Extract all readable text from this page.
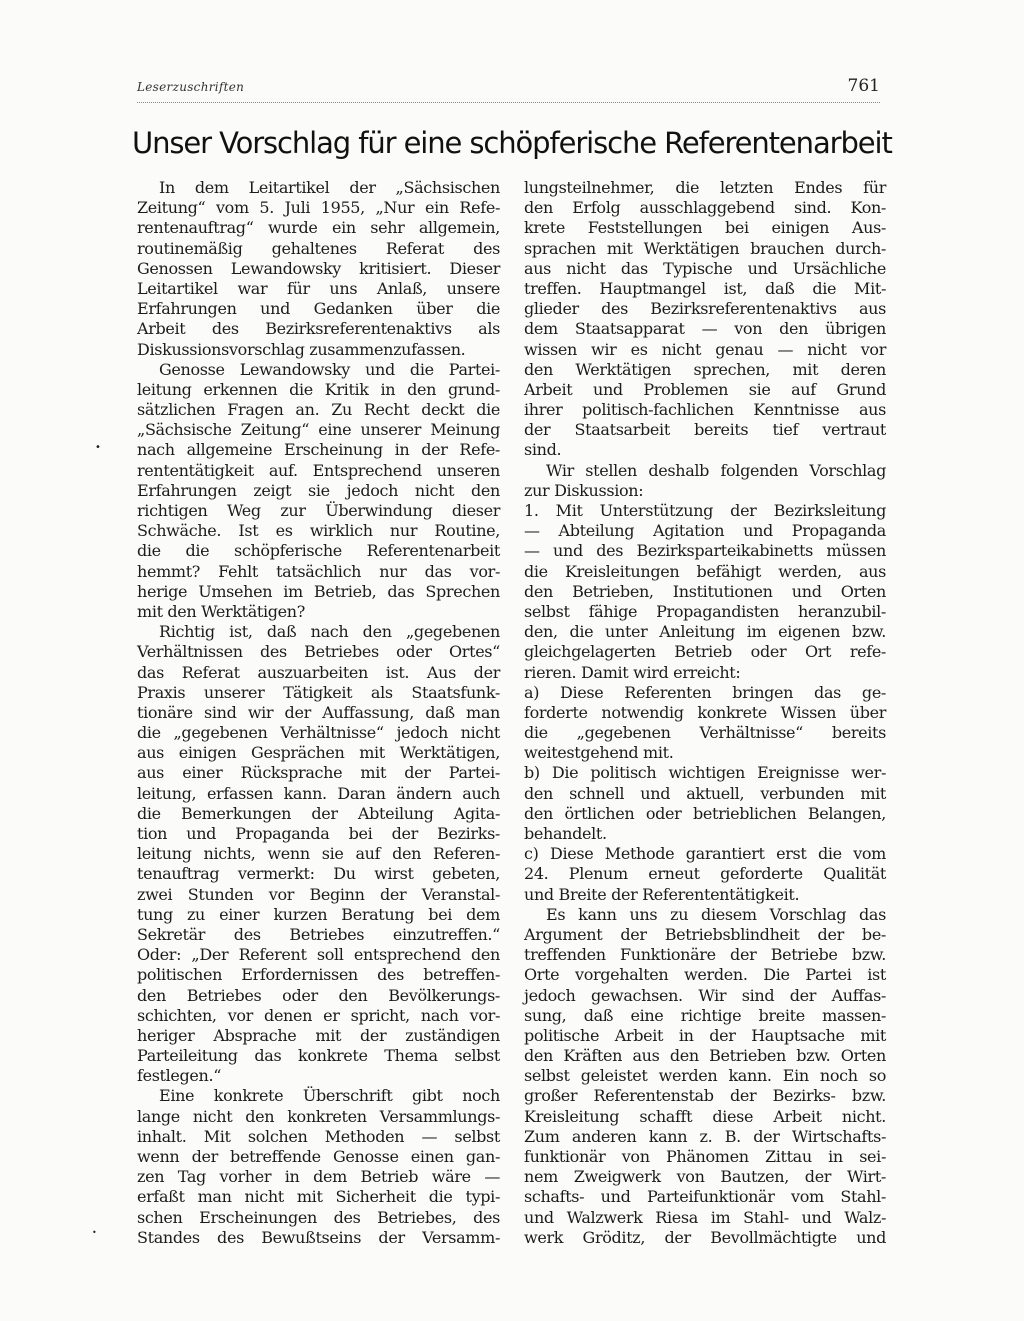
Leserzuschriften	761
Unser Vorschlag für eine schöpferische Referentenarbeit
In dem Leitartikel der „Sächsischen
Zeitung“ vom 5. Juli 1955, „Nur ein Refe-
rentenauftrag“ wurde ein sehr allgemein,
routinemäßig gehaltenes Referat des
Genossen Lewandowsky kritisiert. Dieser
Leitartikel war für uns Anlaß, unsere
Erfahrungen und Gedanken über die
Arbeit des Bezirksreferentenaktivs als
Diskussionsvorschlag zusammenzufassen.
Genosse Lewandowsky und die Partei-
leitung erkennen die Kritik in den grund-
sätzlichen Fragen an. Zu Recht deckt die
„Sächsische Zeitung“ eine unserer Meinung
nach allgemeine Erscheinung in der Refe-
rententätigkeit auf. Entsprechend unseren
Erfahrungen zeigt sie jedoch nicht den
richtigen Weg zur Überwindung dieser
Schwäche. Ist es wirklich nur Routine,
die die schöpferische Referentenarbeit
hemmt? Fehlt tatsächlich nur das vor-
herige Umsehen im Betrieb, das Sprechen
mit den Werktätigen?
Richtig ist, daß nach den „gegebenen
Verhältnissen des Betriebes oder Ortes“
das Referat auszuarbeiten ist. Aus der
Praxis unserer Tätigkeit als Staatsfunk-
tionäre sind wir der Auffassung, daß man
die „gegebenen Verhältnisse“ jedoch nicht
aus einigen Gesprächen mit Werktätigen,
aus einer Rücksprache mit der Partei-
leitung, erfassen kann. Daran ändern auch
die Bemerkungen der Abteilung Agita-
tion und Propaganda bei der Bezirks-
leitung nichts, wenn sie auf den Referen-
tenauftrag vermerkt: Du wirst gebeten,
zwei Stunden vor Beginn der Veranstal-
tung zu einer kurzen Beratung bei dem
Sekretär des Betriebes einzutreffen.“
Oder: „Der Referent soll entsprechend den
politischen Erfordernissen des betreffen-
den Betriebes oder den Bevölkerungs-
schichten, vor denen er spricht, nach vor-
heriger Absprache mit der zuständigen
Parteileitung das konkrete Thema selbst
festlegen.“
Eine konkrete Überschrift gibt noch
lange nicht den konkreten Versammlungs-
inhalt. Mit solchen Methoden — selbst
wenn der betreffende Genosse einen gan-
zen Tag vorher in dem Betrieb wäre —
erfaßt man nicht mit Sicherheit die typi-
schen Erscheinungen des Betriebes, des
Standes des Bewußtseins der Versamm-
lungsteilnehmer, die letzten Endes für
den Erfolg ausschlaggebend sind. Kon-
krete Feststellungen bei einigen Aus-
sprachen mit Werktätigen brauchen durch-
aus nicht das Typische und Ursächliche
treffen. Hauptmangel ist, daß die Mit-
glieder des Bezirksreferentenaktivs aus
dem Staatsapparat — von den übrigen
wissen wir es nicht genau — nicht vor
den Werktätigen sprechen, mit deren
Arbeit und Problemen sie auf Grund
ihrer politisch-fachlichen Kenntnisse aus
der Staatsarbeit bereits tief vertraut
sind.
Wir stellen deshalb folgenden Vorschlag
zur Diskussion:
1. Mit Unterstützung der Bezirksleitung
— Abteilung Agitation und Propaganda
— und des Bezirksparteikabinetts müssen
die Kreisleitungen befähigt werden, aus
den Betrieben, Institutionen und Orten
selbst fähige Propagandisten heranzubil-
den, die unter Anleitung im eigenen bzw.
gleichgelagerten Betrieb oder Ort refe-
rieren. Damit wird erreicht:
a) Diese Referenten bringen das ge-
forderte notwendig konkrete Wissen über
die „gegebenen Verhältnisse“ bereits
weitestgehend mit.
b) Die politisch wichtigen Ereignisse wer-
den schnell und aktuell, verbunden mit
den örtlichen oder betrieblichen Belangen,
behandelt.
c) Diese Methode garantiert erst die vom
24. Plenum erneut geforderte Qualität
und Breite der Referententätigkeit.
Es kann uns zu diesem Vorschlag das
Argument der Betriebsblindheit der be-
treffenden Funktionäre der Betriebe bzw.
Orte vorgehalten werden. Die Partei ist
jedoch gewachsen. Wir sind der Auffas-
sung, daß eine richtige breite massen-
politische Arbeit in der Hauptsache mit
den Kräften aus den Betrieben bzw. Orten
selbst geleistet werden kann. Ein noch so
großer Referentenstab der Bezirks- bzw.
Kreisleitung schafft diese Arbeit nicht.
Zum anderen kann z. B. der Wirtschafts-
funktionär von Phänomen Zittau in sei-
nem Zweigwerk von Bautzen, der Wirt-
schafts- und Parteifunktionär vom Stahl-
und Walzwerk Riesa im Stahl- und Walz-
werk Gröditz, der Bevollmächtigte und
•
•
